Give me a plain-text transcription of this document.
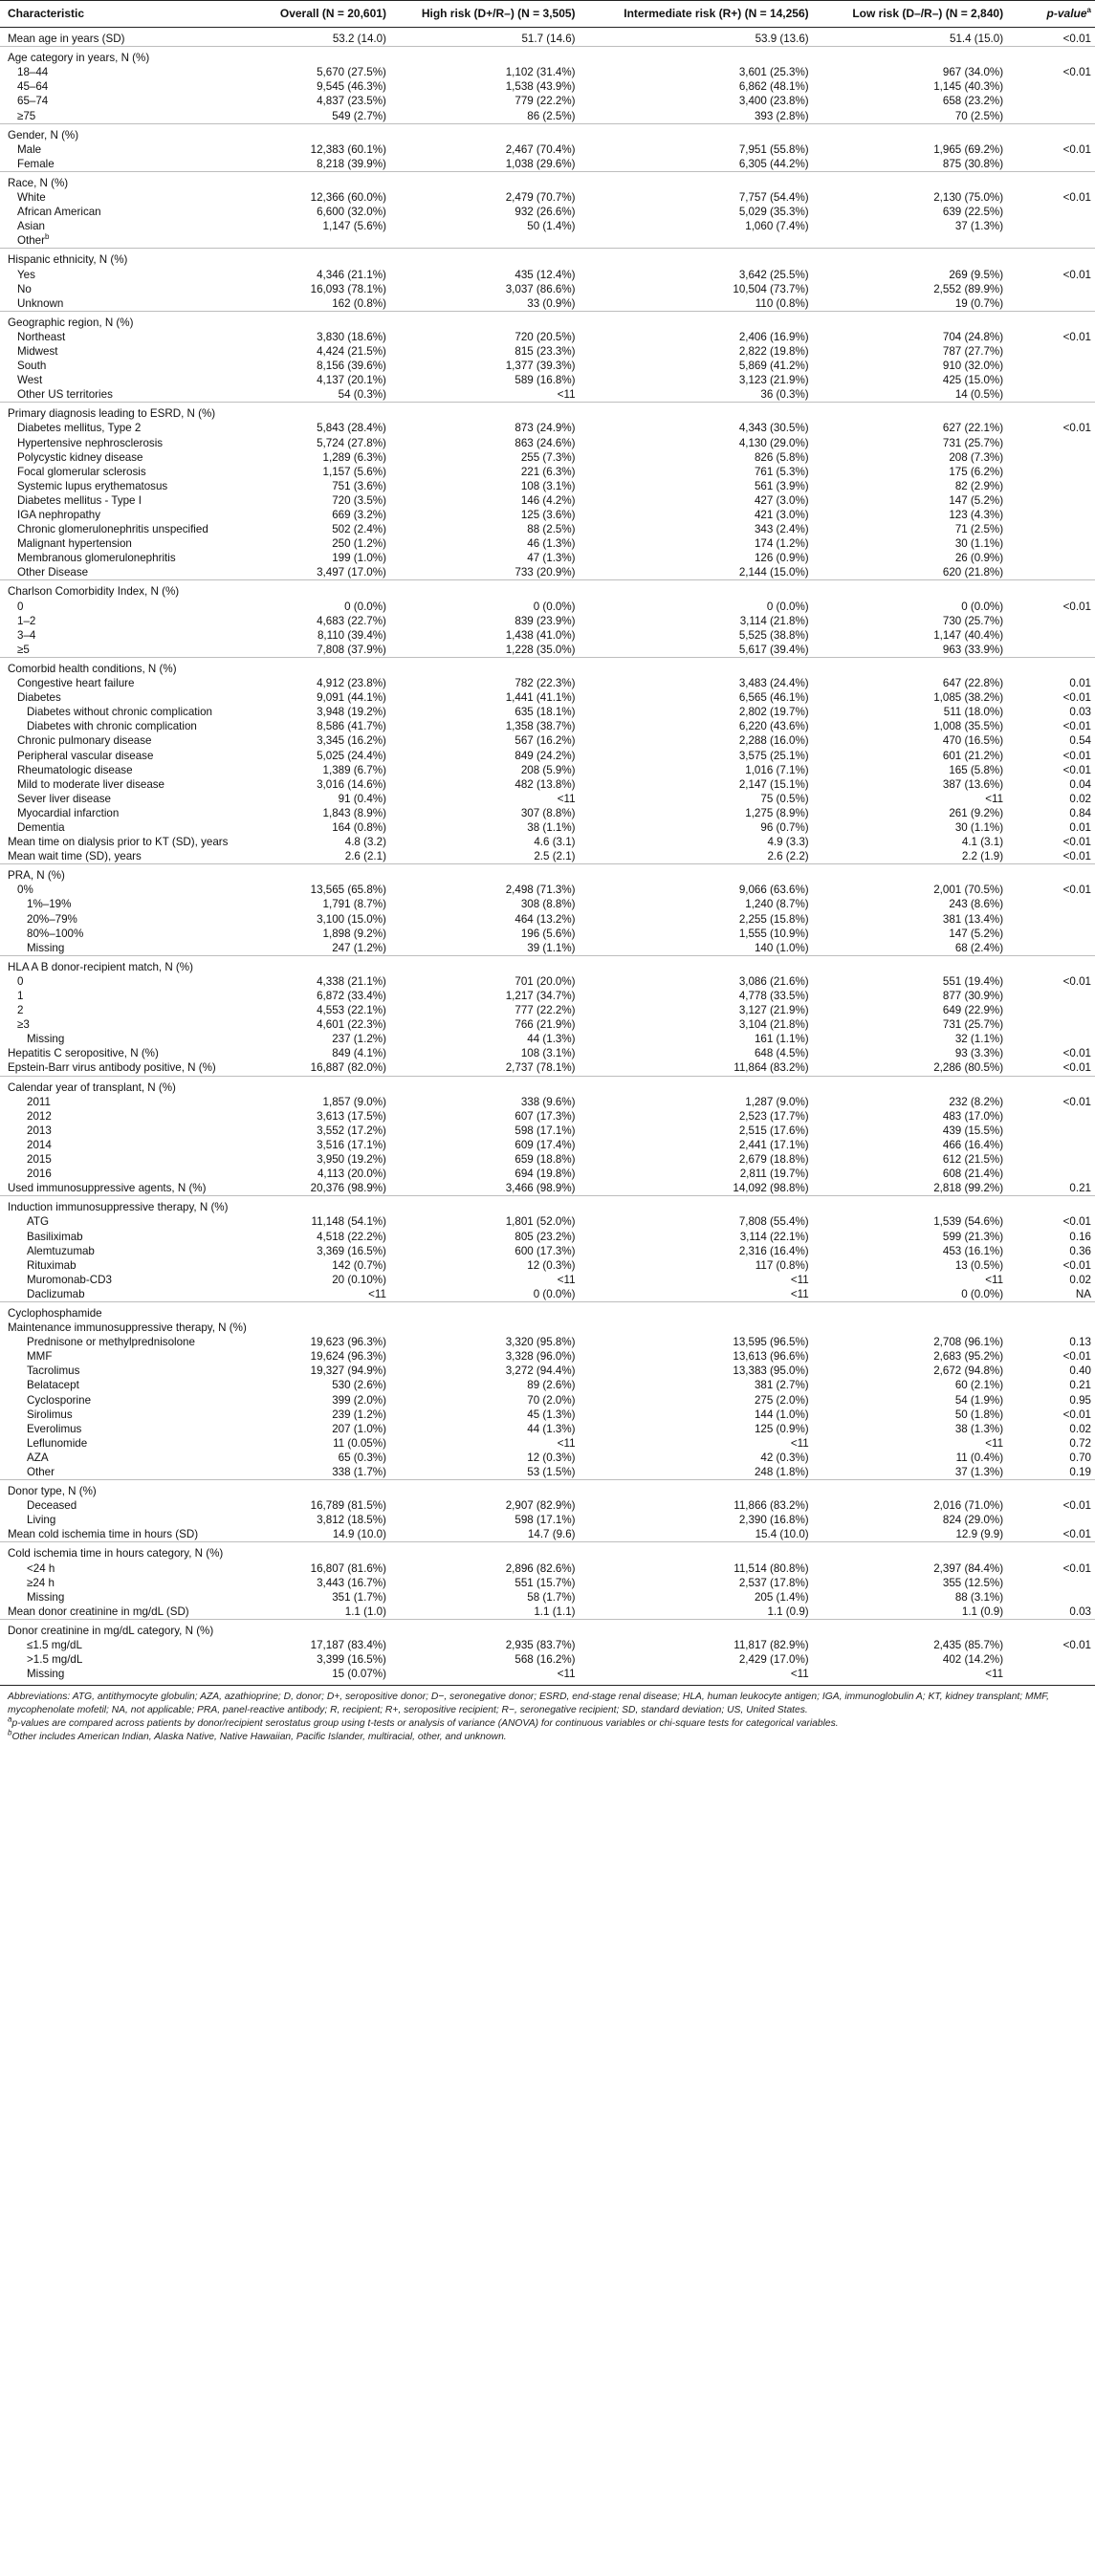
Characteristic	Overall (N = 20,601)	High risk (D+/R–) (N = 3,505)	Intermediate risk (R+) (N = 14,256)	Low risk (D–/R–) (N = 2,840)	p-value$^a$
Mean age in years (SD)	53.2 (14.0)	51.7 (14.6)	53.9 (13.6)	51.4 (15.0)	<0.01
Age category in years, N (%)					
18–44	5,670 (27.5%)	1,102 (31.4%)	3,601 (25.3%)	967 (34.0%)	<0.01
45–64	9,545 (46.3%)	1,538 (43.9%)	6,862 (48.1%)	1,145 (40.3%)	
65–74	4,837 (23.5%)	779 (22.2%)	3,400 (23.8%)	658 (23.2%)	
≥75	549 (2.7%)	86 (2.5%)	393 (2.8%)	70 (2.5%)	
Gender, N (%)					
Male	12,383 (60.1%)	2,467 (70.4%)	7,951 (55.8%)	1,965 (69.2%)	<0.01
Female	8,218 (39.9%)	1,038 (29.6%)	6,305 (44.2%)	875 (30.8%)	
Race, N (%)					
White	12,366 (60.0%)	2,479 (70.7%)	7,757 (54.4%)	2,130 (75.0%)	<0.01
African American	6,600 (32.0%)	932 (26.6%)	5,029 (35.3%)	639 (22.5%)	
Asian	1,147 (5.6%)	50 (1.4%)	1,060 (7.4%)	37 (1.3%)	
Other$^b$					
Hispanic ethnicity, N (%)					
Yes	4,346 (21.1%)	435 (12.4%)	3,642 (25.5%)	269 (9.5%)	<0.01
No	16,093 (78.1%)	3,037 (86.6%)	10,504 (73.7%)	2,552 (89.9%)	
Unknown	162 (0.8%)	33 (0.9%)	110 (0.8%)	19 (0.7%)	
Geographic region, N (%)					
Northeast	3,830 (18.6%)	720 (20.5%)	2,406 (16.9%)	704 (24.8%)	<0.01
Midwest	4,424 (21.5%)	815 (23.3%)	2,822 (19.8%)	787 (27.7%)	
South	8,156 (39.6%)	1,377 (39.3%)	5,869 (41.2%)	910 (32.0%)	
West	4,137 (20.1%)	589 (16.8%)	3,123 (21.9%)	425 (15.0%)	
Other US territories	54 (0.3%)	<11	36 (0.3%)	14 (0.5%)	
Primary diagnosis leading to ESRD, N (%)					
Diabetes mellitus, Type 2	5,843 (28.4%)	873 (24.9%)	4,343 (30.5%)	627 (22.1%)	<0.01
Hypertensive nephrosclerosis	5,724 (27.8%)	863 (24.6%)	4,130 (29.0%)	731 (25.7%)	
Polycystic kidney disease	1,289 (6.3%)	255 (7.3%)	826 (5.8%)	208 (7.3%)	
Focal glomerular sclerosis	1,157 (5.6%)	221 (6.3%)	761 (5.3%)	175 (6.2%)	
Systemic lupus erythematosus	751 (3.6%)	108 (3.1%)	561 (3.9%)	82 (2.9%)	
Diabetes mellitus - Type I	720 (3.5%)	146 (4.2%)	427 (3.0%)	147 (5.2%)	
IGA nephropathy	669 (3.2%)	125 (3.6%)	421 (3.0%)	123 (4.3%)	
Chronic glomerulonephritis unspecified	502 (2.4%)	88 (2.5%)	343 (2.4%)	71 (2.5%)	
Malignant hypertension	250 (1.2%)	46 (1.3%)	174 (1.2%)	30 (1.1%)	
Membranous glomerulonephritis	199 (1.0%)	47 (1.3%)	126 (0.9%)	26 (0.9%)	
Other Disease	3,497 (17.0%)	733 (20.9%)	2,144 (15.0%)	620 (21.8%)	
Charlson Comorbidity Index, N (%)					
0	0 (0.0%)	0 (0.0%)	0 (0.0%)	0 (0.0%)	<0.01
1–2	4,683 (22.7%)	839 (23.9%)	3,114 (21.8%)	730 (25.7%)	
3–4	8,110 (39.4%)	1,438 (41.0%)	5,525 (38.8%)	1,147 (40.4%)	
≥5	7,808 (37.9%)	1,228 (35.0%)	5,617 (39.4%)	963 (33.9%)	
Comorbid health conditions, N (%)					
Congestive heart failure	4,912 (23.8%)	782 (22.3%)	3,483 (24.4%)	647 (22.8%)	0.01
Diabetes	9,091 (44.1%)	1,441 (41.1%)	6,565 (46.1%)	1,085 (38.2%)	<0.01
Diabetes without chronic complication	3,948 (19.2%)	635 (18.1%)	2,802 (19.7%)	511 (18.0%)	0.03
Diabetes with chronic complication	8,586 (41.7%)	1,358 (38.7%)	6,220 (43.6%)	1,008 (35.5%)	<0.01
Chronic pulmonary disease	3,345 (16.2%)	567 (16.2%)	2,288 (16.0%)	470 (16.5%)	0.54
Peripheral vascular disease	5,025 (24.4%)	849 (24.2%)	3,575 (25.1%)	601 (21.2%)	<0.01
Rheumatologic disease	1,389 (6.7%)	208 (5.9%)	1,016 (7.1%)	165 (5.8%)	<0.01
Mild to moderate liver disease	3,016 (14.6%)	482 (13.8%)	2,147 (15.1%)	387 (13.6%)	0.04
Sever liver disease	91 (0.4%)	<11	75 (0.5%)	<11	0.02
Myocardial infarction	1,843 (8.9%)	307 (8.8%)	1,275 (8.9%)	261 (9.2%)	0.84
Dementia	164 (0.8%)	38 (1.1%)	96 (0.7%)	30 (1.1%)	0.01
Mean time on dialysis prior to KT (SD), years	4.8 (3.2)	4.6 (3.1)	4.9 (3.3)	4.1 (3.1)	<0.01
Mean wait time (SD), years	2.6 (2.1)	2.5 (2.1)	2.6 (2.2)	2.2 (1.9)	<0.01
PRA, N (%)					
0%	13,565 (65.8%)	2,498 (71.3%)	9,066 (63.6%)	2,001 (70.5%)	<0.01
1%–19%	1,791 (8.7%)	308 (8.8%)	1,240 (8.7%)	243 (8.6%)	
20%–79%	3,100 (15.0%)	464 (13.2%)	2,255 (15.8%)	381 (13.4%)	
80%–100%	1,898 (9.2%)	196 (5.6%)	1,555 (10.9%)	147 (5.2%)	
Missing	247 (1.2%)	39 (1.1%)	140 (1.0%)	68 (2.4%)	
HLA A B donor-recipient match, N (%)					
0	4,338 (21.1%)	701 (20.0%)	3,086 (21.6%)	551 (19.4%)	<0.01
1	6,872 (33.4%)	1,217 (34.7%)	4,778 (33.5%)	877 (30.9%)	
2	4,553 (22.1%)	777 (22.2%)	3,127 (21.9%)	649 (22.9%)	
≥3	4,601 (22.3%)	766 (21.9%)	3,104 (21.8%)	731 (25.7%)	
Missing	237 (1.2%)	44 (1.3%)	161 (1.1%)	32 (1.1%)	
Hepatitis C seropositive, N (%)	849 (4.1%)	108 (3.1%)	648 (4.5%)	93 (3.3%)	<0.01
Epstein-Barr virus antibody positive, N (%)	16,887 (82.0%)	2,737 (78.1%)	11,864 (83.2%)	2,286 (80.5%)	<0.01
Calendar year of transplant, N (%)					
2011	1,857 (9.0%)	338 (9.6%)	1,287 (9.0%)	232 (8.2%)	<0.01
2012	3,613 (17.5%)	607 (17.3%)	2,523 (17.7%)	483 (17.0%)	
2013	3,552 (17.2%)	598 (17.1%)	2,515 (17.6%)	439 (15.5%)	
2014	3,516 (17.1%)	609 (17.4%)	2,441 (17.1%)	466 (16.4%)	
2015	3,950 (19.2%)	659 (18.8%)	2,679 (18.8%)	612 (21.5%)	
2016	4,113 (20.0%)	694 (19.8%)	2,811 (19.7%)	608 (21.4%)	
Used immunosuppressive agents, N (%)	20,376 (98.9%)	3,466 (98.9%)	14,092 (98.8%)	2,818 (99.2%)	0.21
Induction immunosuppressive therapy, N (%)					
ATG	11,148 (54.1%)	1,801 (52.0%)	7,808 (55.4%)	1,539 (54.6%)	<0.01
Basiliximab	4,518 (22.2%)	805 (23.2%)	3,114 (22.1%)	599 (21.3%)	0.16
Alemtuzumab	3,369 (16.5%)	600 (17.3%)	2,316 (16.4%)	453 (16.1%)	0.36
Rituximab	142 (0.7%)	12 (0.3%)	117 (0.8%)	13 (0.5%)	<0.01
Muromonab-CD3	20 (0.10%)	<11	<11	<11	0.02
Daclizumab	<11	0 (0.0%)	<11	0 (0.0%)	NA
Cyclophosphamide					
Maintenance immunosuppressive therapy, N (%)					
Prednisone or methylprednisolone	19,623 (96.3%)	3,320 (95.8%)	13,595 (96.5%)	2,708 (96.1%)	0.13
MMF	19,624 (96.3%)	3,328 (96.0%)	13,613 (96.6%)	2,683 (95.2%)	<0.01
Tacrolimus	19,327 (94.9%)	3,272 (94.4%)	13,383 (95.0%)	2,672 (94.8%)	0.40
Belatacept	530 (2.6%)	89 (2.6%)	381 (2.7%)	60 (2.1%)	0.21
Cyclosporine	399 (2.0%)	70 (2.0%)	275 (2.0%)	54 (1.9%)	0.95
Sirolimus	239 (1.2%)	45 (1.3%)	144 (1.0%)	50 (1.8%)	<0.01
Everolimus	207 (1.0%)	44 (1.3%)	125 (0.9%)	38 (1.3%)	0.02
Leflunomide	11 (0.05%)	<11	<11	<11	0.72
AZA	65 (0.3%)	12 (0.3%)	42 (0.3%)	11 (0.4%)	0.70
Other	338 (1.7%)	53 (1.5%)	248 (1.8%)	37 (1.3%)	0.19
Donor type, N (%)					
Deceased	16,789 (81.5%)	2,907 (82.9%)	11,866 (83.2%)	2,016 (71.0%)	<0.01
Living	3,812 (18.5%)	598 (17.1%)	2,390 (16.8%)	824 (29.0%)	
Mean cold ischemia time in hours (SD)	14.9 (10.0)	14.7 (9.6)	15.4 (10.0)	12.9 (9.9)	<0.01
Cold ischemia time in hours category, N (%)					
<24 h	16,807 (81.6%)	2,896 (82.6%)	11,514 (80.8%)	2,397 (84.4%)	<0.01
≥24 h	3,443 (16.7%)	551 (15.7%)	2,537 (17.8%)	355 (12.5%)	
Missing	351 (1.7%)	58 (1.7%)	205 (1.4%)	88 (3.1%)	
Mean donor creatinine in mg/dL (SD)	1.1 (1.0)	1.1 (1.1)	1.1 (0.9)	1.1 (0.9)	0.03
Donor creatinine in mg/dL category, N (%)					
≤1.5 mg/dL	17,187 (83.4%)	2,935 (83.7%)	11,817 (82.9%)	2,435 (85.7%)	<0.01
>1.5 mg/dL	3,399 (16.5%)	568 (16.2%)	2,429 (17.0%)	402 (14.2%)	
Missing	15 (0.07%)	<11	<11	<11	

Abbreviations: ATG, antithymocyte globulin; AZA, azathioprine; D, donor; D+, seropositive donor; D−, seronegative donor; ESRD, end-stage renal disease; HLA, human leukocyte antigen; IGA, immunoglobulin A; KT, kidney transplant; MMF, mycophenolate mofetil; NA, not applicable; PRA, panel-reactive antibody; R, recipient; R+, seropositive recipient; R−, seronegative recipient; SD, standard deviation; US, United States.

$^a$p-values are compared across patients by donor/recipient serostatus group using t-tests or analysis of variance (ANOVA) for continuous variables or chi-square tests for categorical variables.

$^b$Other includes American Indian, Alaska Native, Native Hawaiian, Pacific Islander, multiracial, other, and unknown.
